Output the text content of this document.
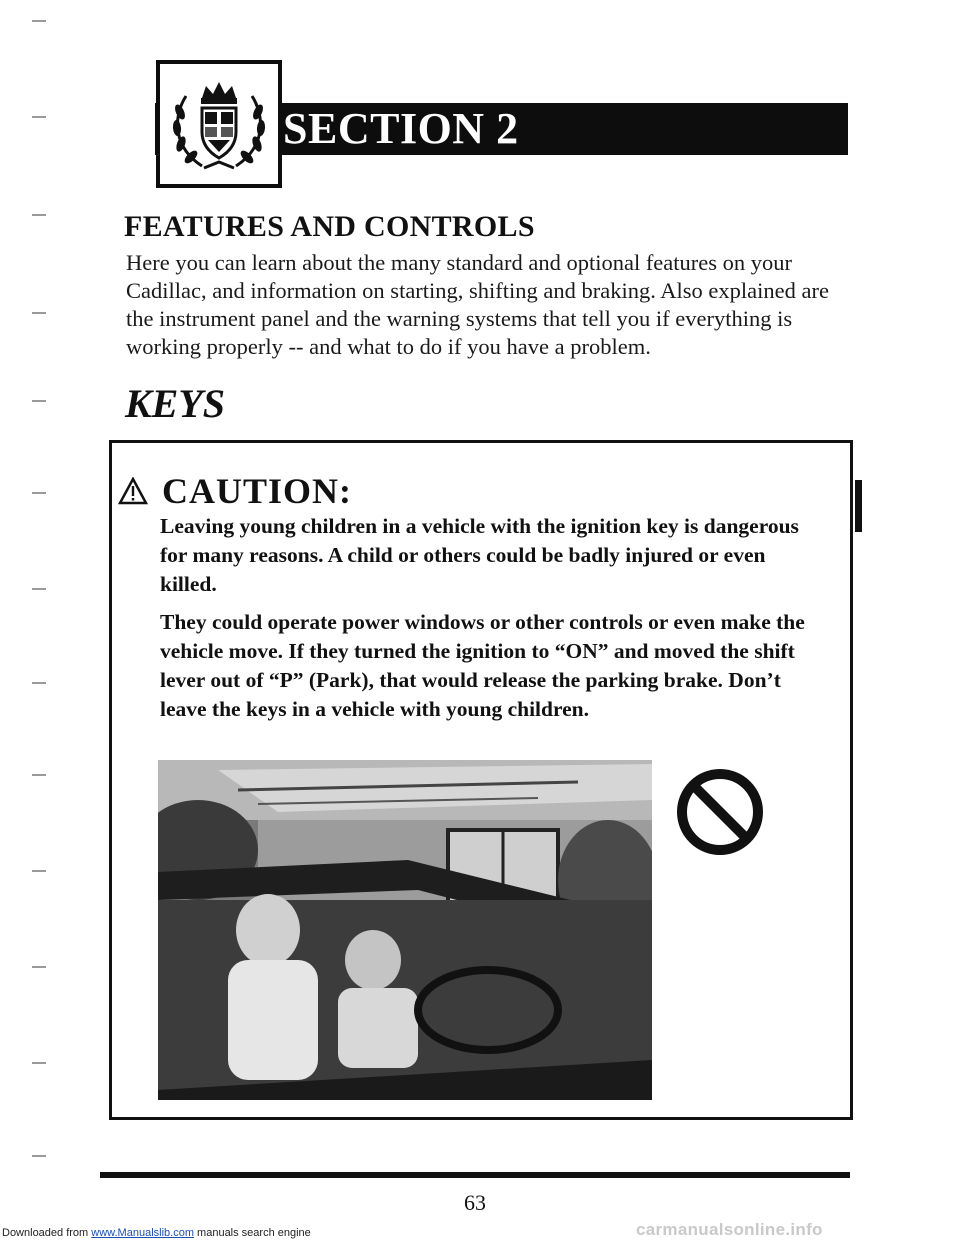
SECTION 2
FEATURES AND CONTROLS

Here you can learn about the many standard and optional features on your Cadillac, and information on starting, shifting and braking. Also explained are the instrument panel and the warning systems that tell you if everything is working properly -- and what to do if you have a problem.

KEYS
CAUTION:

Leaving young children in a vehicle with the ignition key is dangerous for many reasons. A child or others could be badly injured or even killed.

They could operate power windows or other controls or even make the vehicle move. If they turned the ignition to “ON” and moved the shift lever out of “P” (Park), that would release the parking brake. Don’t leave the keys in a vehicle with young children.

63

Downloaded from www.Manualslib.com manuals search engine	carmanualsonline.info
